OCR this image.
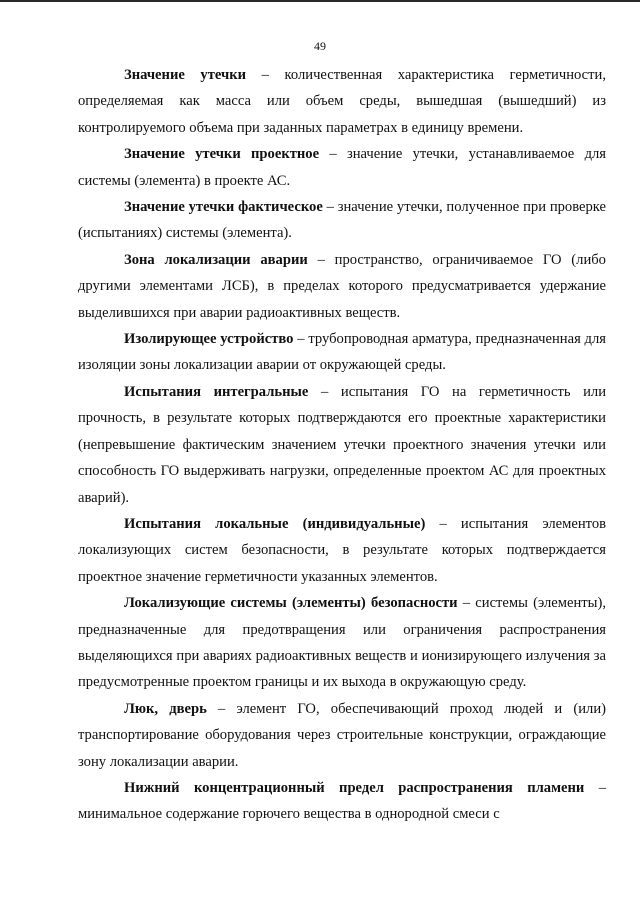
49

Значение утечки – количественная характеристика герметичности, определяемая как масса или объем среды, вышедшая (вышедший) из контролируемого объема при заданных параметрах в единицу времени.

Значение утечки проектное – значение утечки, устанавливаемое для системы (элемента) в проекте АС.

Значение утечки фактическое – значение утечки, полученное при проверке (испытаниях) системы (элемента).

Зона локализации аварии – пространство, ограничиваемое ГО (либо другими элементами ЛСБ), в пределах которого предусматривается удержание выделившихся при аварии радиоактивных веществ.

Изолирующее устройство – трубопроводная арматура, предназначенная для изоляции зоны локализации аварии от окружающей среды.

Испытания интегральные – испытания ГО на герметичность или прочность, в результате которых подтверждаются его проектные характеристики (непревышение фактическим значением утечки проектного значения утечки или способность ГО выдерживать нагрузки, определенные проектом АС для проектных аварий).

Испытания локальные (индивидуальные) – испытания элементов локализующих систем безопасности, в результате которых подтверждается проектное значение герметичности указанных элементов.

Локализующие системы (элементы) безопасности – системы (элементы), предназначенные для предотвращения или ограничения распространения выделяющихся при авариях радиоактивных веществ и ионизирующего излучения за предусмотренные проектом границы и их выхода в окружающую среду.

Люк, дверь – элемент ГО, обеспечивающий проход людей и (или) транспортирование оборудования через строительные конструкции, ограждающие зону локализации аварии.

Нижний концентрационный предел распространения пламени – минимальное содержание горючего вещества в однородной смеси с
